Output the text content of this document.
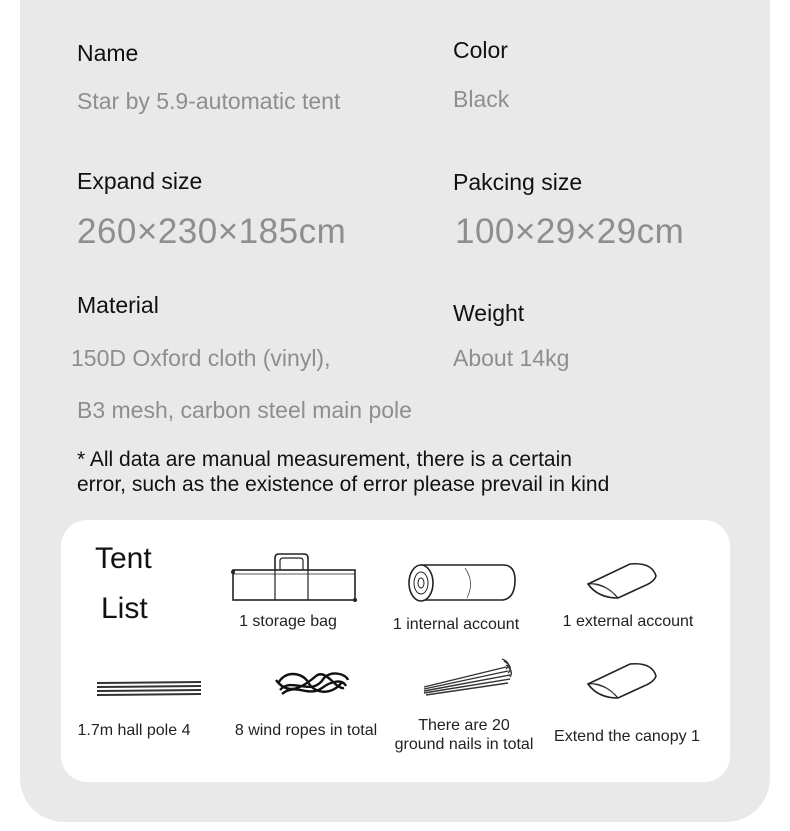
Name
Star by 5.9-automatic tent
Color
Black
Expand size
260×230×185cm
Pakcing size
100×29×29cm
Material
150D Oxford cloth (vinyl),
B3 mesh, carbon steel main pole
Weight
About 14kg
* All data are manual measurement, there is a certain
error, such as the existence of error please prevail in kind
Tent
List	1 storage bag	1 internal account	1 external account
1.7m hall pole 4	8 wind ropes in total	There are 20
ground nails in total	Extend the canopy 1
